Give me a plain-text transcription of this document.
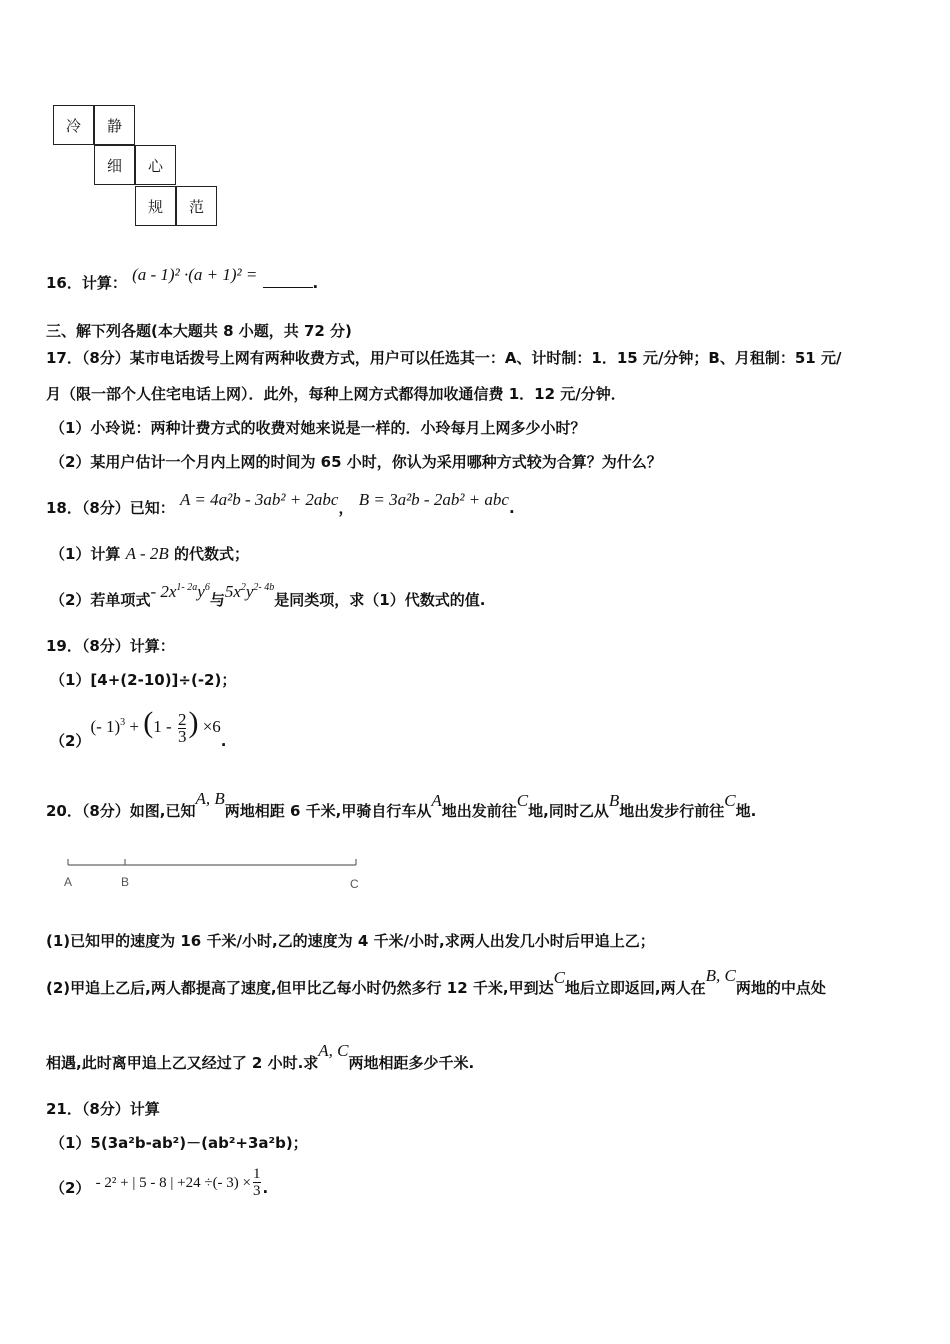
冷	静
细	心
规	范
16．计算： (a - 1)² ·(a + 1)² =	.
三、解下列各题(本大题共 8 小题，共 72 分)
17．（8分）某市电话拨号上网有两种收费方式，用户可以任选其一：A、计时制：1．15 元/分钟；B、月租制：51 元/
月（限一部个人住宅电话上网）．此外，每种上网方式都得加收通信费 1．12 元/分钟．
（1）小玲说：两种计费方式的收费对她来说是一样的．小玲每月上网多少小时？
（2）某用户估计一个月内上网的时间为 65 小时，你认为采用哪种方式较为合算？为什么？
18．（8分）已知： A = 4a²b - 3ab² + 2abc， B = 3a²b - 2ab² + abc.
（1）计算 A - 2B 的代数式；
（2）若单项式- $2x^{1- 2a}y^6$与$5x^2y^{2- 4b}$是同类项，求（1）代数式的值.
19．（8分）计算：
（1）[4+(2-10)]÷(-2)；
（2）(- $1)^3 + (1 - \frac{2}{3}$ ) ×6.
20．（8分）如图,已知A, B两地相距 6 千米,甲骑自行车从A地出发前往C地,同时乙从B地出发步行前往C地.
A	B	C
(1)已知甲的速度为 16 千米/小时,乙的速度为 4 千米/小时,求两人出发几小时后甲追上乙；
(2)甲追上乙后,两人都提高了速度,但甲比乙每小时仍然多行 12 千米,甲到达C地后立即返回,两人在B, C两地的中点处
相遇,此时离甲追上乙又经过了 2 小时.求A, C两地相距多少千米.
21．（8分）计算
（1）5(3a²b-ab²)－(ab²+3a²b)；
（2） - 2² + | 5 - 8 | +24 ÷(- $3) \times \frac{1}{3}$ .
